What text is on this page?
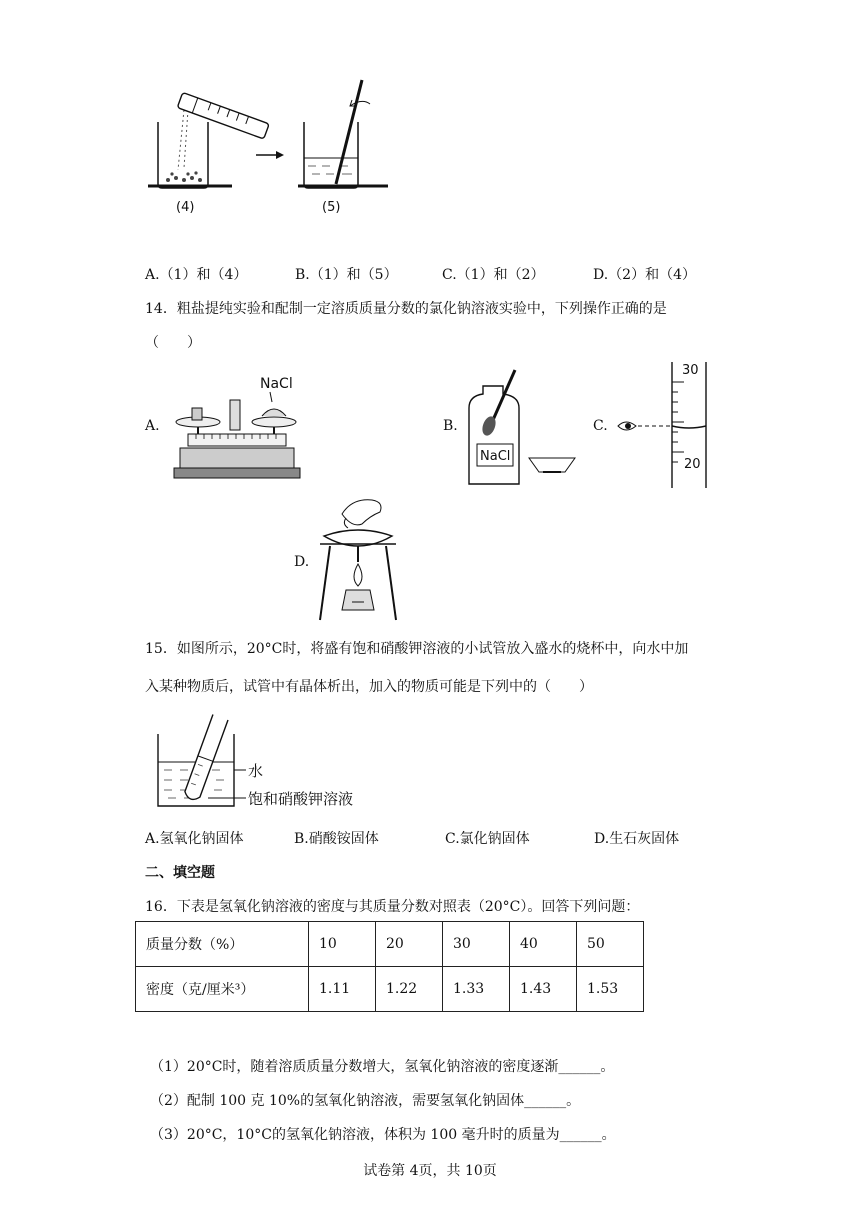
(4)	(5)
A.（1）和（4）	B.（1）和（5）	C.（1）和（2）	D.（2）和（4）
14．粗盐提纯实验和配制一定溶质质量分数的氯化钠溶液实验中，下列操作正确的是
（　　）
A.
NaCl
B.
NaCl
C.
30
20
D.
15．如图所示，20°C时，将盛有饱和硝酸钾溶液的小试管放入盛水的烧杯中，向水中加
入某种物质后，试管中有晶体析出，加入的物质可能是下列中的（　　）
水
饱和硝酸钾溶液
A.氢氧化钠固体	B.硝酸铵固体	C.氯化钠固体	D.生石灰固体
二、填空题
16．下表是氢氧化钠溶液的密度与其质量分数对照表（20°C）。回答下列问题：
质量分数（%）	10	20	30	40	50
密度（克/厘米³）	1.11	1.22	1.33	1.43	1.53
（1）20°C时，随着溶质质量分数增大，氢氧化钠溶液的密度逐渐______。
（2）配制 100 克 10%的氢氧化钠溶液，需要氢氧化钠固体______。
（3）20°C，10°C的氢氧化钠溶液，体积为 100 毫升时的质量为______。
试卷第 4页，共 10页
